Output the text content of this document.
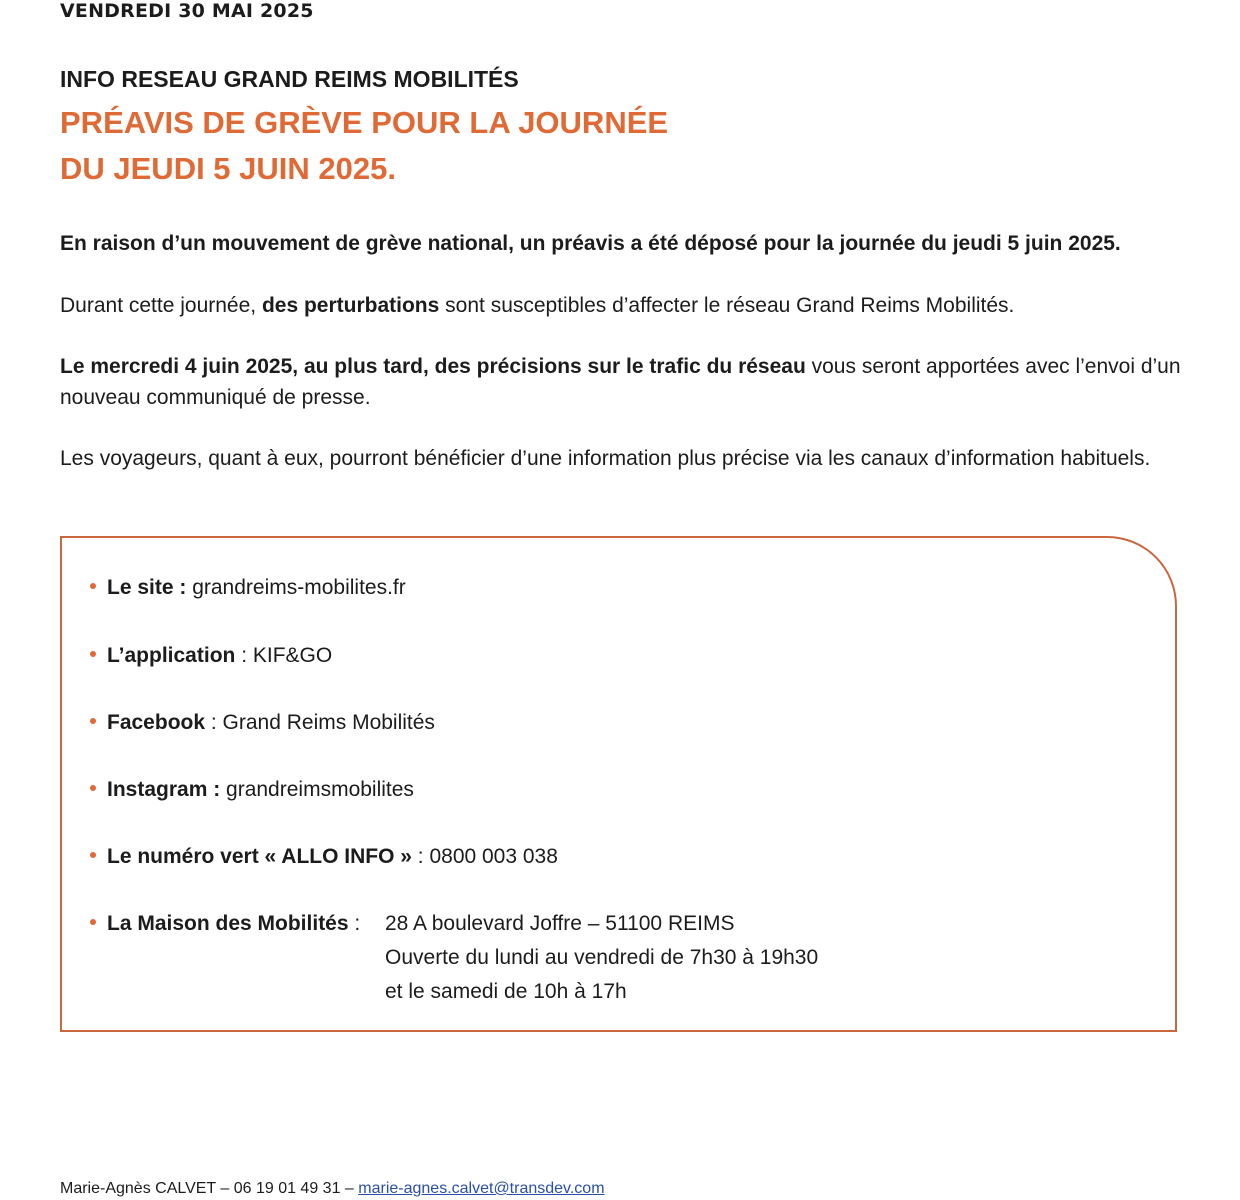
VENDREDI 30 MAI 2025
INFO RESEAU GRAND REIMS MOBILITÉS
PRÉAVIS DE GRÈVE POUR LA JOURNÉE
DU JEUDI 5 JUIN 2025.

En raison d’un mouvement de grève national, un préavis a été déposé pour la journée du jeudi 5 juin 2025.

Durant cette journée, des perturbations sont susceptibles d’affecter le réseau Grand Reims Mobilités.

Le mercredi 4 juin 2025, au plus tard, des précisions sur le trafic du réseau vous seront apportées avec l’envoi d’un nouveau communiqué de presse.

Les voyageurs, quant à eux, pourront bénéficier d’une information plus précise via les canaux d’information habituels.

Le site : grandreims-mobilites.fr
L’application : KIF&GO
Facebook : Grand Reims Mobilités
Instagram : grandreimsmobilites
Le numéro vert « ALLO INFO » : 0800 003 038
La Maison des Mobilités : 28 A boulevard Joffre – 51100 REIMS
Ouverte du lundi au vendredi de 7h30 à 19h30
et le samedi de 10h à 17h
Marie-Agnès CALVET – 06 19 01 49 31 – marie-agnes.calvet@transdev.com
